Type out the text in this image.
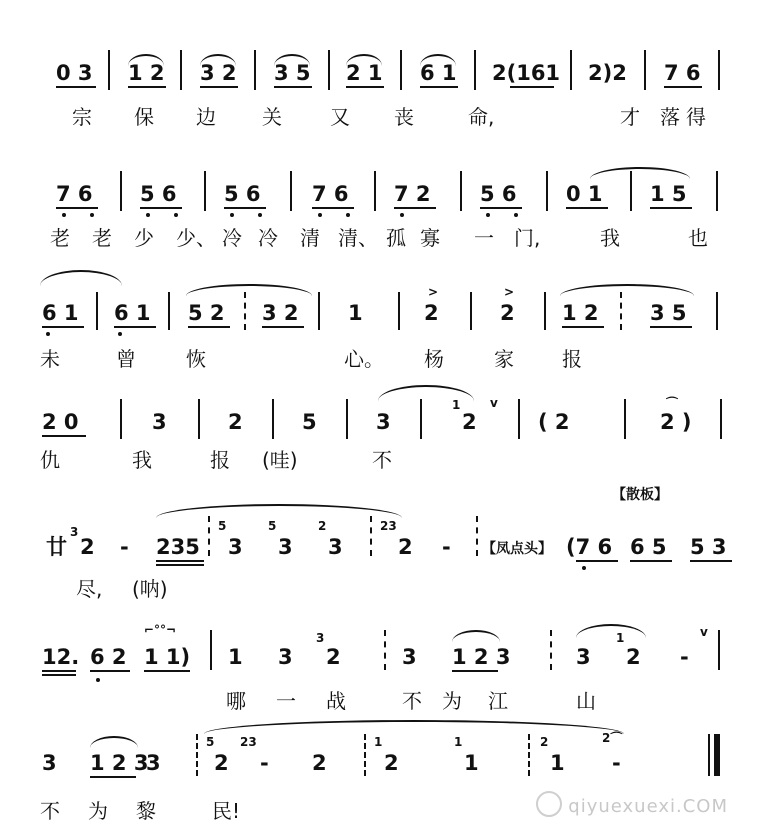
0 3 1 2 3 2 3 5 2 1 6 1 2(161 2)2 7 6
宗 保 边 关 又 丧	命,	才 落 得
7 6 5 6 5 6 7 6 7 2 5 6 0 1 1 5
老 老 少 少、 冷 冷 清 清、 孤 寡 一 门,	我	也
6 1 6 1 5 2 3 2 1
>
2
>
2 1 2 3 5
未	曾	恢	心。 杨	家 报
2 0	3	2	5	3
1
2
v
( 2
⌒
2 )
仇	我	报 (哇)	不
【散板】
廿
3
2 - 235
5
3
5
3
2
3
23
2 - 【凤点头】 (7 6 6 5 5 3
尽, (呐)
⌐°°¬
12. 6 2 1 1) 1 3
3
2	3 1 2 3	3
1
2 -
v
哪 一 战	不 为 江	山
3 1 2 3
3
5
2
23
- 2
1
2
1
1
2
1
2⌒
-
不 为 黎	民!	qiyuexuexi.COM
